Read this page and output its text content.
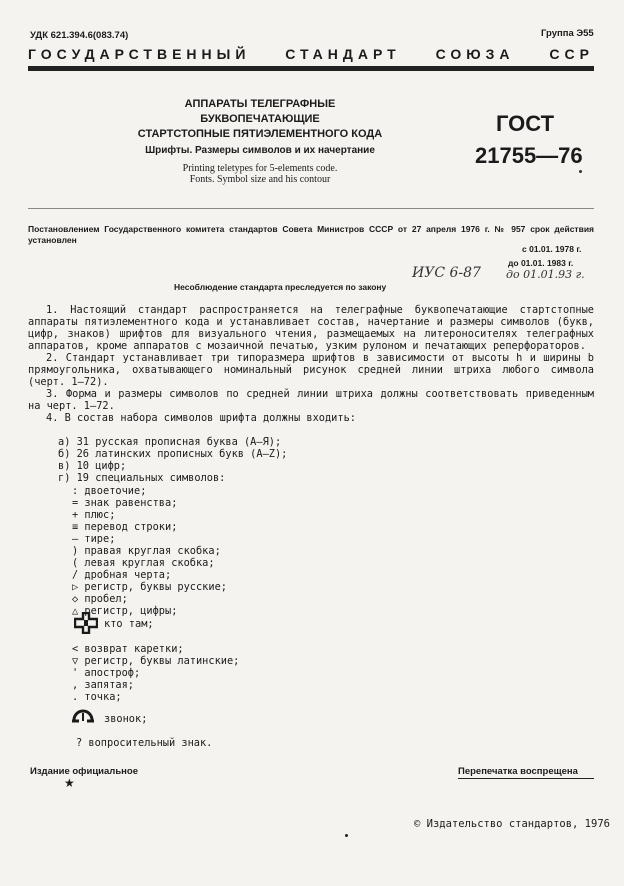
УДК 621.394.6(083.74)	Группа Э55
ГОСУДАРСТВЕННЫЙ СТАНДАРТ СОЮЗА ССР
АППАРАТЫ ТЕЛЕГРАФНЫЕ
БУКВОПЕЧАТАЮЩИЕ
СТАРТСТОПНЫЕ ПЯТИЭЛЕМЕНТНОГО КОДА
Шрифты. Размеры символов и их начертание
Printing teletypes for 5-elements code.
Fonts. Symbol size and his contour
ГОСТ
21755—76
Постановлением Государственного комитета стандартов Совета Министров СССР от 27 апреля 1976 г. № 957 срок действия установлен
с 01.01. 1978 г.
до 01.01. 1983 г.
до 01.01.93 г.
Несоблюдение стандарта преследуется по закону
ИУС 6-87

1. Настоящий стандарт распространяется на телеграфные буквопечатающие стартстопные аппараты пятиэлементного кода и устанавливает состав, начертание и размеры символов (букв, цифр, знаков) шрифтов для визуального чтения, размещаемых на литероносителях телеграфных аппаратов, кроме аппаратов с мозаичной печатью, узким рулоном и печатающих реперфораторов.

2. Стандарт устанавливает три типоразмера шрифтов в зависимости от высоты h и ширины b прямоугольника, охватывающего номинальный рисунок средней линии штриха любого символа (черт. 1—72).

3. Форма и размеры символов по средней линии штриха должны соответствовать приведенным на черт. 1—72.

4. В состав набора символов шрифта должны входить:

а) 31 русская прописная буква (А—Я);
б) 26 латинских прописных букв (A—Z);
в) 10 цифр;
г) 19 специальных символов:
: двоеточие;
= знак равенства;
+ плюс;
≡ перевод строки;
— тире;
) правая круглая скобка;
( левая круглая скобка;
/ дробная черта;
▷ регистр, буквы русские;
◇ пробел;
△ регистр, цифры;
кто там;
< возврат каретки;
▽ регистр, буквы латинские;
' апостроф;
, запятая;
. точка;
звонок;
? вопросительный знак.
Издание официальное
★
Перепечатка воспрещена
© Издательство стандартов, 1976
